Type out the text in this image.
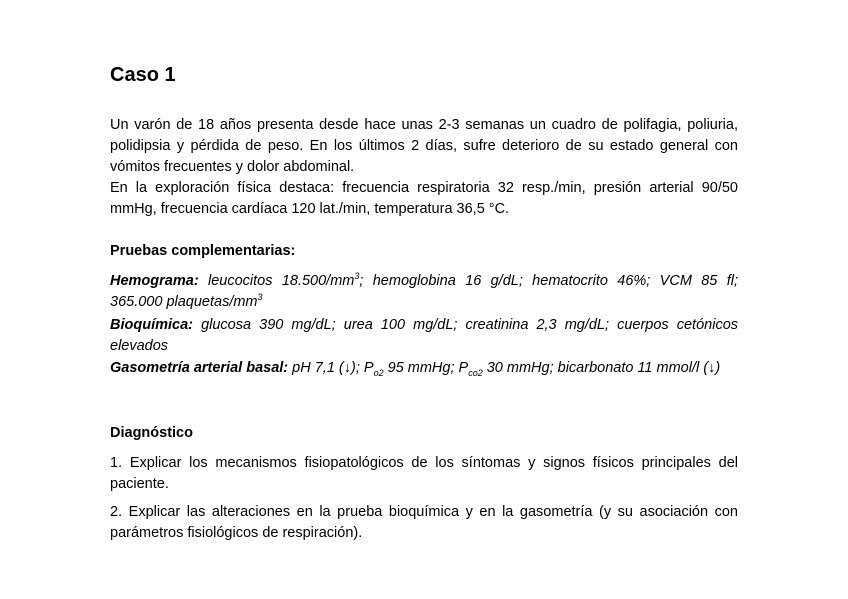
Caso 1

Un varón de 18 años presenta desde hace unas 2-3 semanas un cuadro de polifagia, poliuria, polidipsia y pérdida de peso. En los últimos 2 días, sufre deterioro de su estado general con vómitos frecuentes y dolor abdominal.

En la exploración física destaca: frecuencia respiratoria 32 resp./min, presión arterial 90/50 mmHg, frecuencia cardíaca 120 lat./min, temperatura 36,5 °C.

Pruebas complementarias:

Hemograma: leucocitos $18.500/mm^3$; hemoglobina 16 g/dL; hematocrito 46%; VCM 85 fl; 365.000 plaquetas/$mm^3$

Bioquímica: glucosa 390 mg/dL; urea 100 mg/dL; creatinina 2,3 mg/dL; cuerpos cetónicos elevados

Gasometría arterial basal: pH 7,1 (↓); $P_{o2}$ 95 mmHg; $P_{co2}$ 30 mmHg; bicarbonato 11 mmol/l (↓)

Diagnóstico

1. Explicar los mecanismos fisiopatológicos de los síntomas y signos físicos principales del paciente.

2. Explicar las alteraciones en la prueba bioquímica y en la gasometría (y su asociación con parámetros fisiológicos de respiración).
